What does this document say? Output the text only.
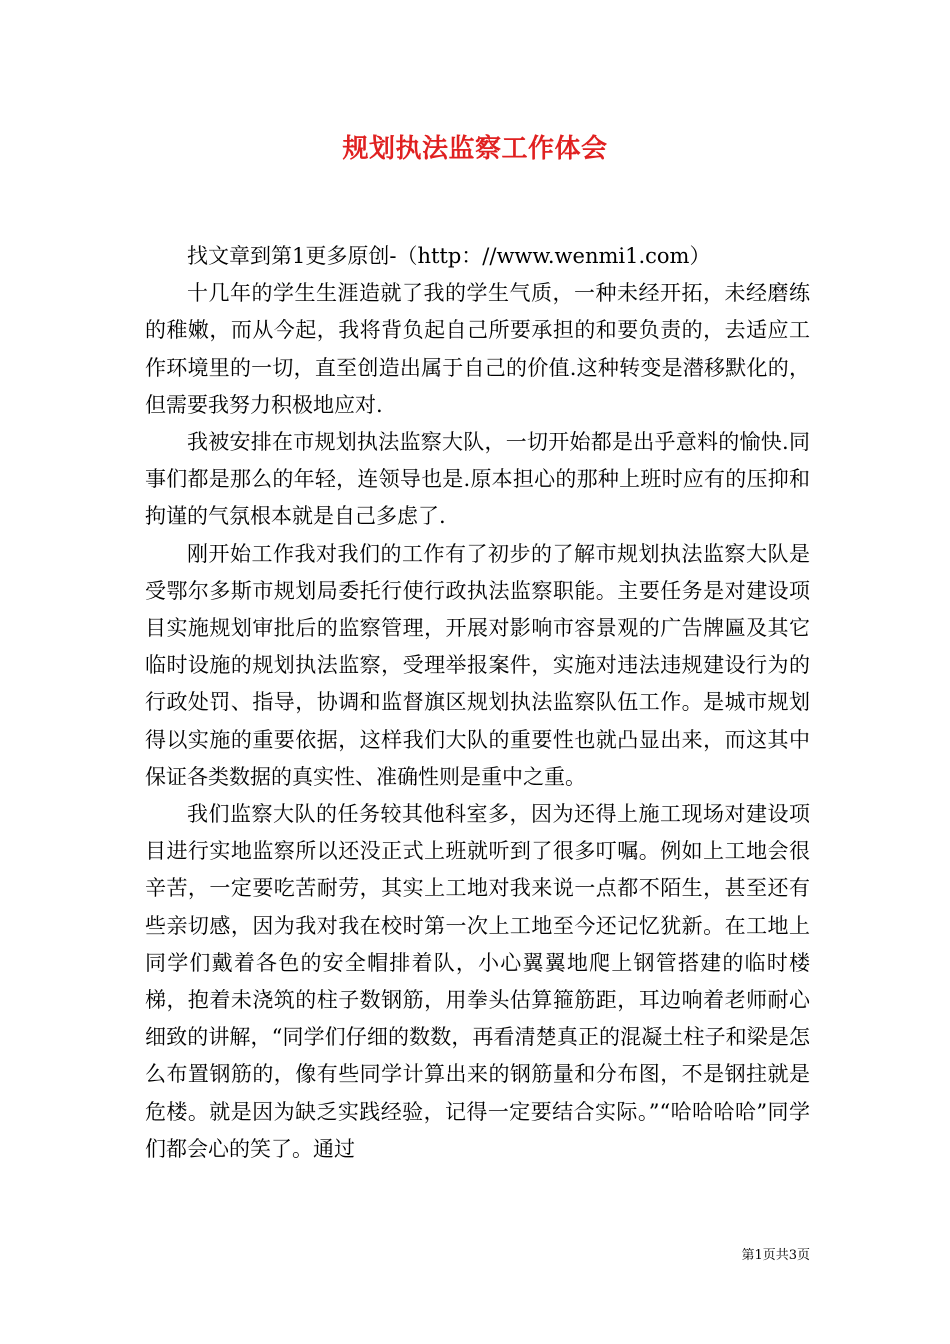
规划执法监察工作体会

找文章到第1更多原创-（http：//www.wenmi1.com）

十几年的学生生涯造就了我的学生气质，一种未经开拓，未经磨练的稚嫩，而从今起，我将背负起自己所要承担的和要负责的，去适应工作环境里的一切，直至创造出属于自己的价值.这种转变是潜移默化的，但需要我努力积极地应对.

我被安排在市规划执法监察大队，一切开始都是出乎意料的愉快.同事们都是那么的年轻，连领导也是.原本担心的那种上班时应有的压抑和拘谨的气氛根本就是自己多虑了.

刚开始工作我对我们的工作有了初步的了解市规划执法监察大队是受鄂尔多斯市规划局委托行使行政执法监察职能。主要任务是对建设项目实施规划审批后的监察管理，开展对影响市容景观的广告牌匾及其它临时设施的规划执法监察，受理举报案件，实施对违法违规建设行为的行政处罚、指导，协调和监督旗区规划执法监察队伍工作。是城市规划得以实施的重要依据，这样我们大队的重要性也就凸显出来，而这其中保证各类数据的真实性、准确性则是重中之重。

我们监察大队的任务较其他科室多，因为还得上施工现场对建设项目进行实地监察所以还没正式上班就听到了很多叮嘱。例如上工地会很辛苦，一定要吃苦耐劳，其实上工地对我来说一点都不陌生，甚至还有些亲切感，因为我对我在校时第一次上工地至今还记忆犹新。在工地上同学们戴着各色的安全帽排着队，小心翼翼地爬上钢管搭建的临时楼梯，抱着未浇筑的柱子数钢筋，用拳头估算箍筋距，耳边响着老师耐心细致的讲解，“同学们仔细的数数，再看清楚真正的混凝土柱子和梁是怎么布置钢筋的，像有些同学计算出来的钢筋量和分布图，不是钢拄就是危楼。就是因为缺乏实践经验，记得一定要结合实际。”“哈哈哈哈”同学们都会心的笑了。通过

第1页共3页
